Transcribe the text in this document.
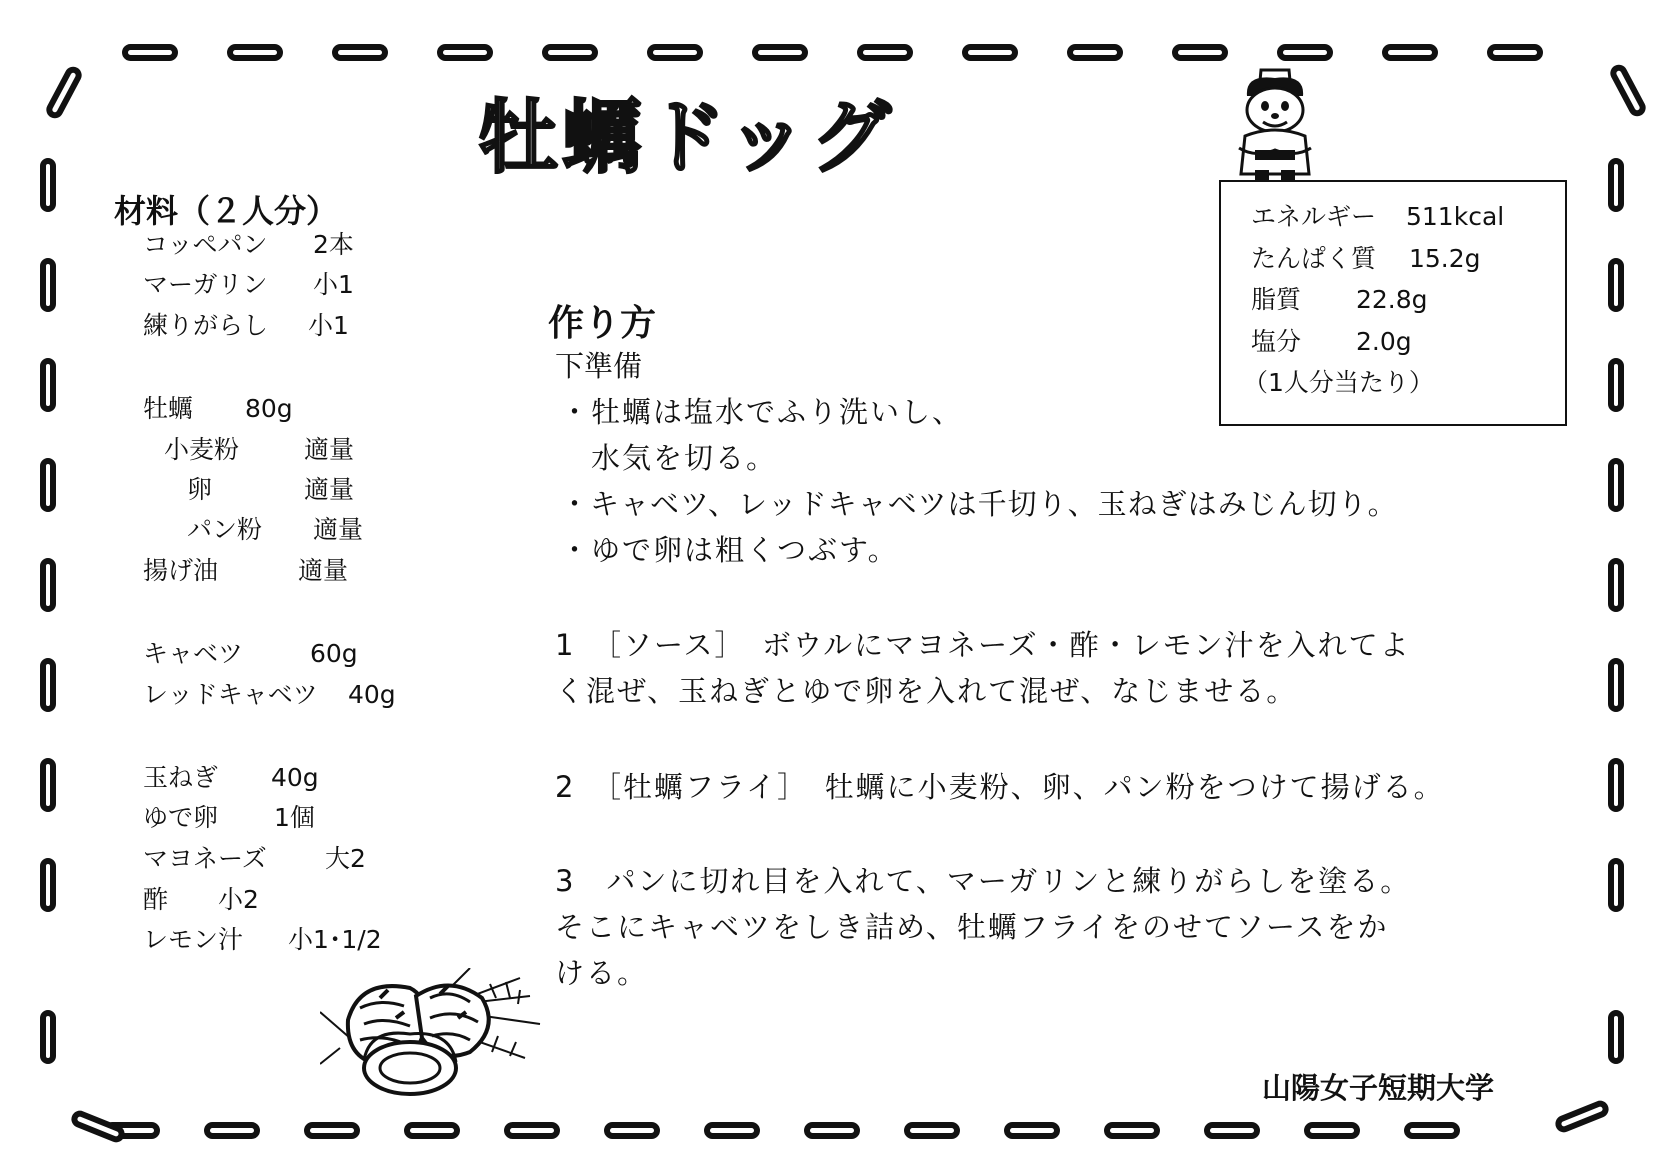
牡蠣ドッグ
材料（２人分）
コッペパン 2本
マーガリン 小1
練りがらし 小1
牡蠣 80g
小麦粉	適量
卵	適量
パン粉 適量
揚げ油	適量
キャベツ	60g
レッドキャベツ 40g
玉ねぎ 40g
ゆで卵 1個
マヨネーズ 大2
酢 小2
レモン汁 小1･1/2
作り方
下準備
・牡蠣は塩水でふり洗いし、
　水気を切る。
・キャベツ、レッドキャベツは千切り、玉ねぎはみじん切り。
・ゆで卵は粗くつぶす。
1　［ソース］　ボウルにマヨネーズ・酢・レモン汁を入れてよ
く混ぜ、玉ねぎとゆで卵を入れて混ぜ、なじませる。
2　［牡蠣フライ］　牡蠣に小麦粉、卵、パン粉をつけて揚げる。
3　パンに切れ目を入れて、マーガリンと練りがらしを塗る。
そこにキャベツをしき詰め、牡蠣フライをのせてソースをか
ける。
エネルギー 511kcal
たんぱく質 15.2g
脂質 22.8g
塩分 2.0g
（1人分当たり）
山陽女子短期大学
